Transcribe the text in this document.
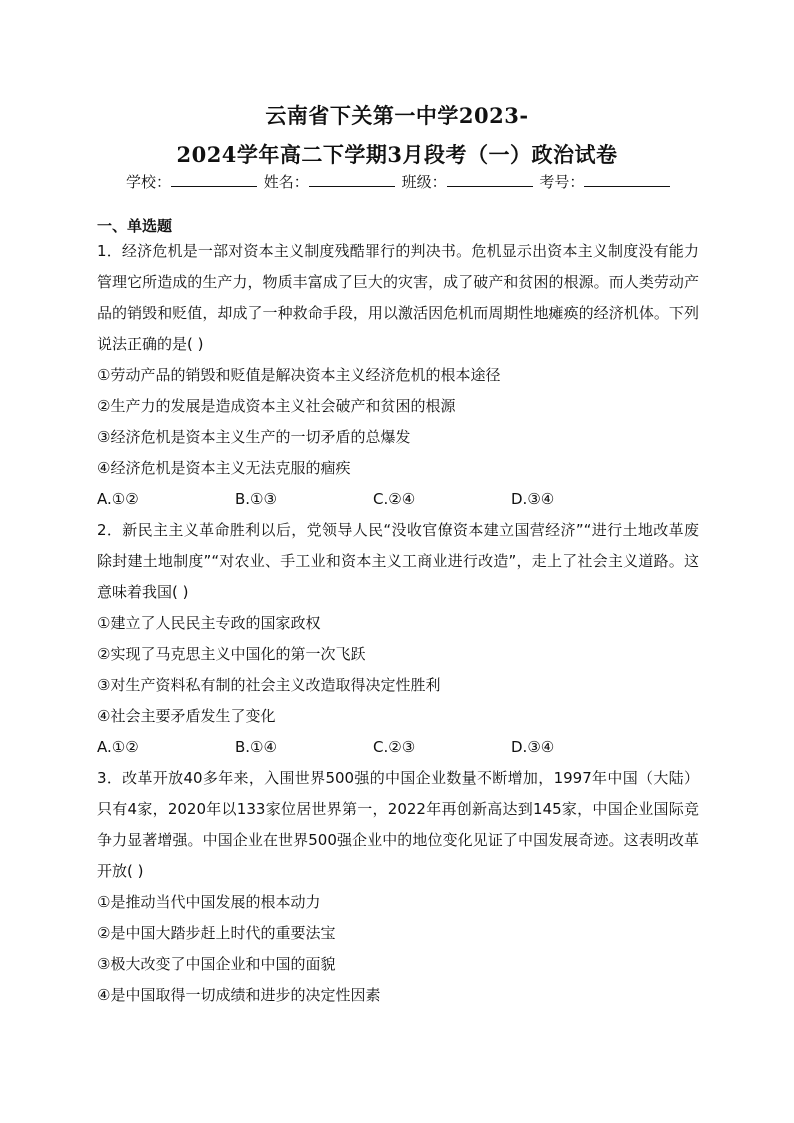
云南省下关第一中学2023-
2024学年高二下学期3月段考（一）政治试卷
学校：	姓名：	班级：	考号：
一、单选题

1．经济危机是一部对资本主义制度残酷罪行的判决书。危机显示出资本主义制度没有能力管理它所造成的生产力，物质丰富成了巨大的灾害，成了破产和贫困的根源。而人类劳动产品的销毁和贬值，却成了一种救命手段，用以激活因危机而周期性地瘫痪的经济机体。下列说法正确的是( )

①劳动产品的销毁和贬值是解决资本主义经济危机的根本途径

②生产力的发展是造成资本主义社会破产和贫困的根源

③经济危机是资本主义生产的一切矛盾的总爆发

④经济危机是资本主义无法克服的痼疾

A.①②	B.①③	C.②④	D.③④

2．新民主主义革命胜利以后，党领导人民“没收官僚资本建立国营经济”“进行土地改革废除封建土地制度”“对农业、手工业和资本主义工商业进行改造”，走上了社会主义道路。这意味着我国( )

①建立了人民民主专政的国家政权

②实现了马克思主义中国化的第一次飞跃

③对生产资料私有制的社会主义改造取得决定性胜利

④社会主要矛盾发生了变化

A.①②	B.①④	C.②③	D.③④

3．改革开放40多年来，入围世界500强的中国企业数量不断增加，1997年中国（大陆）只有4家，2020年以133家位居世界第一，2022年再创新高达到145家，中国企业国际竞争力显著增强。中国企业在世界500强企业中的地位变化见证了中国发展奇迹。这表明改革开放( )

①是推动当代中国发展的根本动力

②是中国大踏步赶上时代的重要法宝

③极大改变了中国企业和中国的面貌

④是中国取得一切成绩和进步的决定性因素
